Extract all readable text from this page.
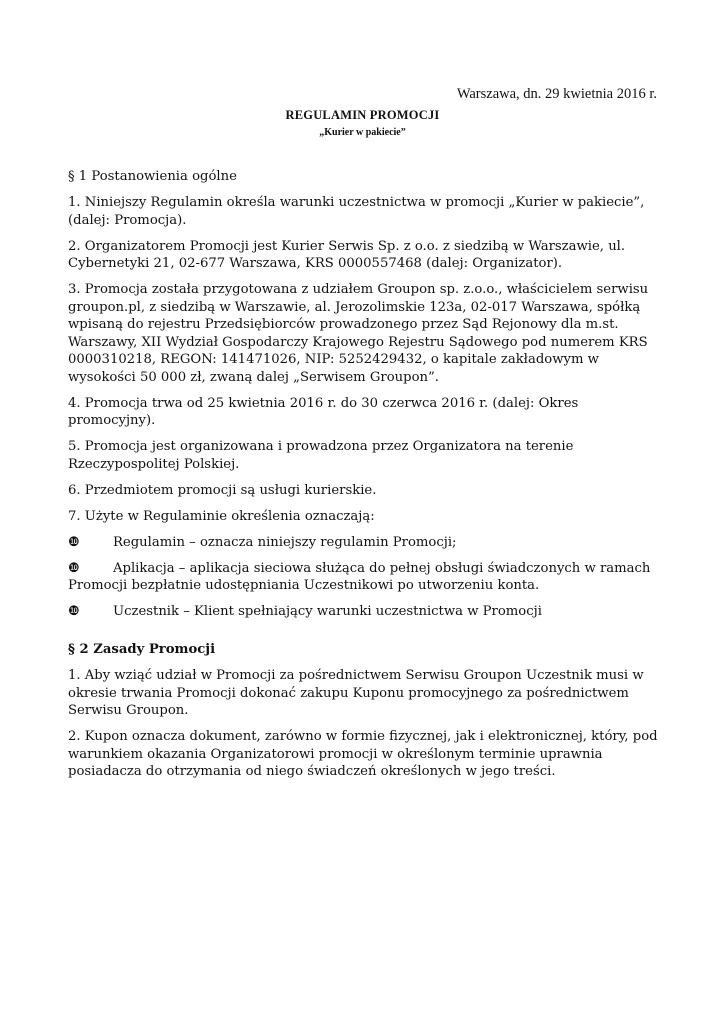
Warszawa, dn. 29 kwietnia 2016 r.
REGULAMIN PROMOCJI
„Kurier w pakiecie”

§ 1 Postanowienia ogólne

1. Niniejszy Regulamin określa warunki uczestnictwa w promocji „Kurier w pakiecie”, (dalej: Promocja).

2. Organizatorem Promocji jest Kurier Serwis Sp. z o.o. z siedzibą w Warszawie, ul. Cybernetyki 21, 02-677 Warszawa, KRS 0000557468 (dalej: Organizator).

3. Promocja została przygotowana z udziałem Groupon sp. z.o.o., właścicielem serwisu groupon.pl, z siedzibą w Warszawie, al. Jerozolimskie 123a, 02-017 Warszawa, spółką wpisaną do rejestru Przedsiębiorców prowadzonego przez Sąd Rejonowy dla m.st. Warszawy, XII Wydział Gospodarczy Krajowego Rejestru Sądowego pod numerem KRS 0000310218, REGON: 141471026, NIP: 5252429432, o kapitale zakładowym w wysokości 50 000 zł, zwaną dalej „Serwisem Groupon”.

4. Promocja trwa od 25 kwietnia 2016 r. do 30 czerwca 2016 r. (dalej: Okres promocyjny).

5. Promocja jest organizowana i prowadzona przez Organizatora na terenie Rzeczypospolitej Polskiej.

6. Przedmiotem promocji są usługi kurierskie.

7. Użyte w Regulaminie określenia oznaczają:

❿	Regulamin – oznacza niniejszy regulamin Promocji;
❿	Aplikacja – aplikacja sieciowa służąca do pełnej obsługi świadczonych w ramach Promocji bezpłatnie udostępniania Uczestnikowi po utworzeniu konta.
❿	Uczestnik – Klient spełniający warunki uczestnictwa w Promocji

§ 2 Zasady Promocji

1. Aby wziąć udział w Promocji za pośrednictwem Serwisu Groupon Uczestnik musi w okresie trwania Promocji dokonać zakupu Kuponu promocyjnego za pośrednictwem Serwisu Groupon.

2. Kupon oznacza dokument, zarówno w formie fizycznej, jak i elektronicznej, który, pod warunkiem okazania Organizatorowi promocji w określonym terminie uprawnia posiadacza do otrzymania od niego świadczeń określonych w jego treści.
